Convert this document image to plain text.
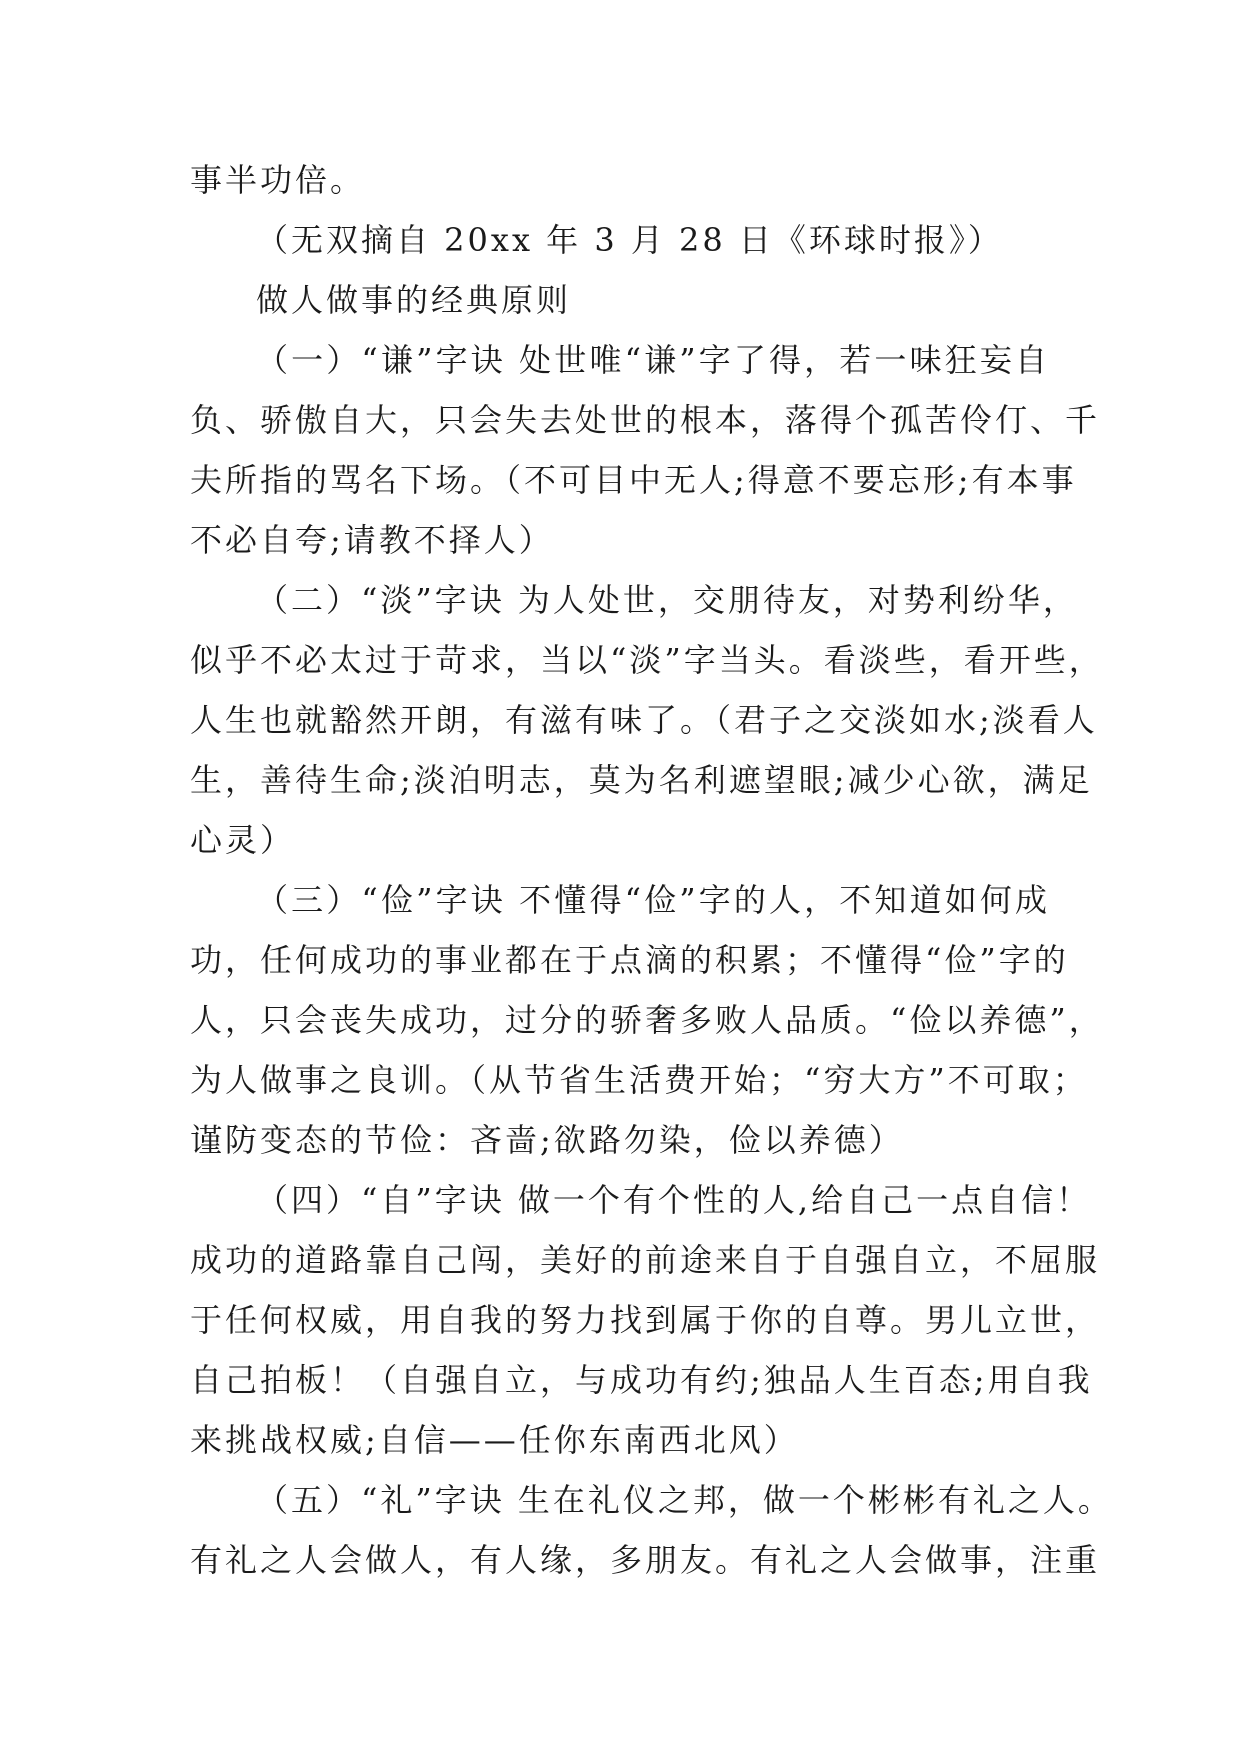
事半功倍。
（无双摘自 20xx 年 3 月 28 日《环球时报》）
做人做事的经典原则
（一）“谦”字诀 处世唯“谦”字了得，若一味狂妄自
负、骄傲自大，只会失去处世的根本，落得个孤苦伶仃、千
夫所指的骂名下场。（不可目中无人;得意不要忘形;有本事
不必自夸;请教不择人）
（二）“淡”字诀 为人处世，交朋待友，对势利纷华，
似乎不必太过于苛求，当以“淡”字当头。看淡些，看开些，
人生也就豁然开朗，有滋有味了。（君子之交淡如水;淡看人
生，善待生命;淡泊明志，莫为名利遮望眼;减少心欲，满足
心灵）
（三）“俭”字诀 不懂得“俭”字的人，不知道如何成
功，任何成功的事业都在于点滴的积累；不懂得“俭”字的
人，只会丧失成功，过分的骄奢多败人品质。“俭以养德”，
为人做事之良训。（从节省生活费开始；“穷大方”不可取；
谨防变态的节俭：吝啬;欲路勿染，俭以养德）
（四）“自”字诀 做一个有个性的人,给自己一点自信！
成功的道路靠自己闯，美好的前途来自于自强自立，不屈服
于任何权威，用自我的努力找到属于你的自尊。男儿立世，
自己拍板！（自强自立，与成功有约;独品人生百态;用自我
来挑战权威;自信——任你东南西北风）
（五）“礼”字诀 生在礼仪之邦，做一个彬彬有礼之人。
有礼之人会做人，有人缘，多朋友。有礼之人会做事，注重
